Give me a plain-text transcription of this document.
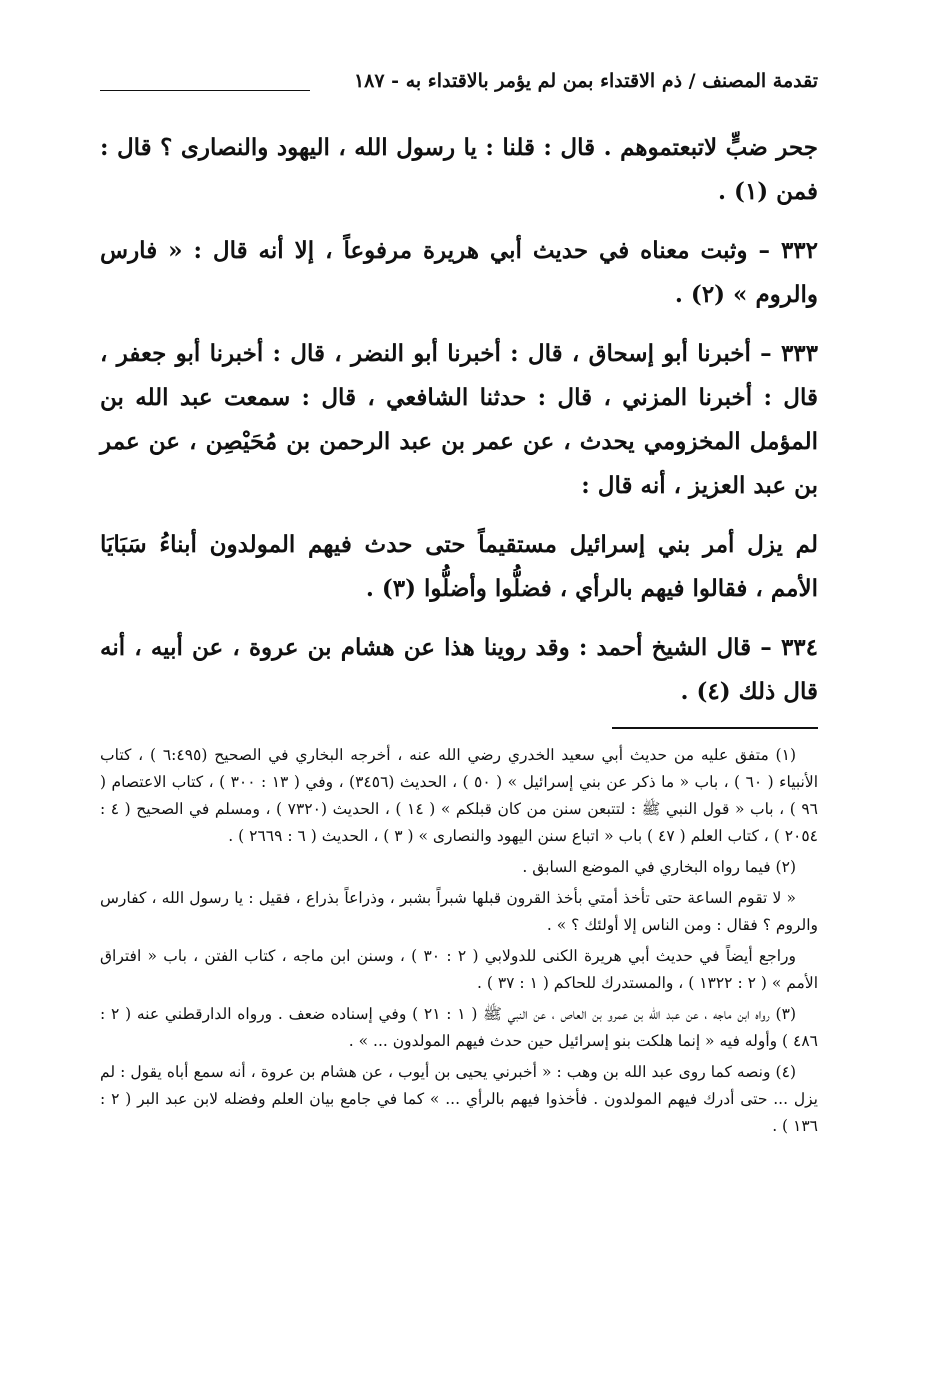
تقدمة المصنف / ذم الاقتداء بمن لم يؤمر بالاقتداء به - ١٨٧

جحر ضبٍّ لاتبعتموهم . قال : قلنا : يا رسول الله ، اليهود والنصارى ؟ قال : فمن (١) .

٣٣٢ – وثبت معناه في حديث أبي هريرة مرفوعاً ، إلا أنه قال : « فارس والروم » (٢) .

٣٣٣ – أخبرنا أبو إسحاق ، قال : أخبرنا أبو النضر ، قال : أخبرنا أبو جعفر ، قال : أخبرنا المزني ، قال : حدثنا الشافعي ، قال : سمعت عبد الله بن المؤمل المخزومي يحدث ، عن عمر بن عبد الرحمن بن مُحَيْصِن ، عن عمر بن عبد العزيز ، أنه قال :

لم يزل أمر بني إسرائيل مستقيماً حتى حدث فيهم المولدون أبناءُ سَبَايَا الأمم ، فقالوا فيهم بالرأي ، فضلُّوا وأضلُّوا (٣) .

٣٣٤ – قال الشيخ أحمد : وقد روينا هذا عن هشام بن عروة ، عن أبيه ، أنه قال ذلك (٤) .

(١) متفق عليه من حديث أبي سعيد الخدري رضي الله عنه ، أخرجه البخاري في الصحيح (٦:٤٩٥ ) ، كتاب الأنبياء ( ٦٠ ) ، باب « ما ذكر عن بني إسرائيل » ( ٥٠ ) ، الحديث (٣٤٥٦) ، وفي ( ١٣ : ٣٠٠ ) ، كتاب الاعتصام ( ٩٦ ) ، باب « قول النبي ﷺ : لتتبعن سنن من كان قبلكم » ( ١٤ ) ، الحديث (٧٣٢٠ ) ، ومسلم في الصحيح ( ٤ : ٢٠٥٤ ) ، كتاب العلم ( ٤٧ ) باب « اتباع سنن اليهود والنصارى » ( ٣ ) ، الحديث ( ٦ : ٢٦٦٩ ) .

(٢) فيما رواه البخاري في الموضع السابق .

« لا تقوم الساعة حتى تأخذ أمتي بأخذ القرون قبلها شبراً بشبر ، وذراعاً بذراع ، فقيل : يا رسول الله ، كفارس والروم ؟ فقال : ومن الناس إلا أولئك ؟ » .

وراجع أيضاً في حديث أبي هريرة الكنى للدولابي ( ٢ : ٣٠ ) ، وسنن ابن ماجه ، كتاب الفتن ، باب « افتراق الأمم » ( ٢ : ١٣٢٢ ) ، والمستدرك للحاكم ( ١ : ٣٧ ) .

(٣) رواه ابن ماجه ، عن عبد الله بن عمرو بن العاص ، عن النبي ﷺ ( ١ : ٢١ ) وفي إسناده ضعف . ورواه الدارقطني عنه ( ٢ : ٤٨٦ ) وأوله فيه « إنما هلكت بنو إسرائيل حين حدث فيهم المولدون ... » .

(٤) ونصه كما روى عبد الله بن وهب : « أخبرني يحيى بن أيوب ، عن هشام بن عروة ، أنه سمع أباه يقول : لم يزل ... حتى أدرك فيهم المولدون . فأخذوا فيهم بالرأي ... » كما في جامع بيان العلم وفضله لابن عبد البر ( ٢ : ١٣٦ ) .
